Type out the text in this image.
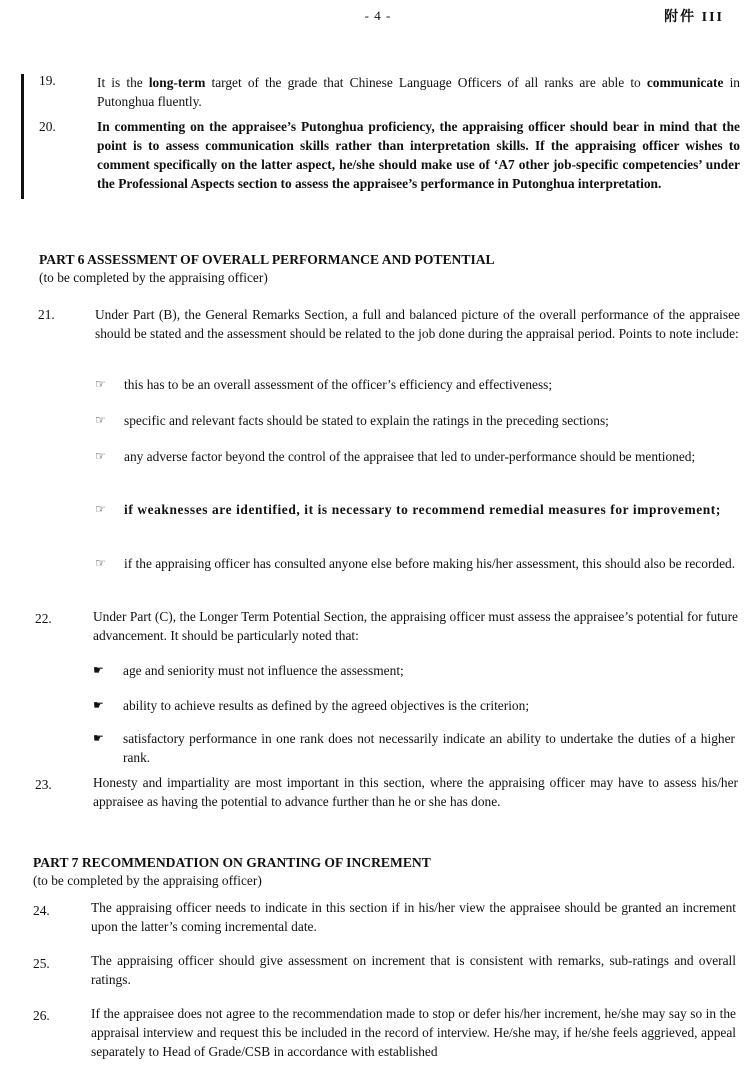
- 4 -	附件 III
19.	It is the long-term target of the grade that Chinese Language Officers of all ranks are able to communicate in Putonghua fluently.
20.	In commenting on the appraisee’s Putonghua proficiency, the appraising officer should bear in mind that the point is to assess communication skills rather than interpretation skills. If the appraising officer wishes to comment specifically on the latter aspect, he/she should make use of ‘A7 other job-specific competencies’ under the Professional Aspects section to assess the appraisee’s performance in Putonghua interpretation.
PART 6 ASSESSMENT OF OVERALL PERFORMANCE AND POTENTIAL
(to be completed by the appraising officer)
21.	Under Part (B), the General Remarks Section, a full and balanced picture of the overall performance of the appraisee should be stated and the assessment should be related to the job done during the appraisal period. Points to note include:
☞ this has to be an overall assessment of the officer’s efficiency and effectiveness;
☞ specific and relevant facts should be stated to explain the ratings in the preceding sections;
☞ any adverse factor beyond the control of the appraisee that led to under-performance should be mentioned;
☞ if weaknesses are identified, it is necessary to recommend remedial measures for improvement;
☞ if the appraising officer has consulted anyone else before making his/her assessment, this should also be recorded.
22.	Under Part (C), the Longer Term Potential Section, the appraising officer must assess the appraisee’s potential for future advancement. It should be particularly noted that:
☛ age and seniority must not influence the assessment;
☛ ability to achieve results as defined by the agreed objectives is the criterion;
☛ satisfactory performance in one rank does not necessarily indicate an ability to undertake the duties of a higher rank.
23.	Honesty and impartiality are most important in this section, where the appraising officer may have to assess his/her appraisee as having the potential to advance further than he or she has done.
PART 7 RECOMMENDATION ON GRANTING OF INCREMENT
(to be completed by the appraising officer)
24.	The appraising officer needs to indicate in this section if in his/her view the appraisee should be granted an increment upon the latter’s coming incremental date.
25.	The appraising officer should give assessment on increment that is consistent with remarks, sub-ratings and overall ratings.
26.	If the appraisee does not agree to the recommendation made to stop or defer his/her increment, he/she may say so in the appraisal interview and request this be included in the record of interview. He/she may, if he/she feels aggrieved, appeal separately to Head of Grade/CSB in accordance with established
